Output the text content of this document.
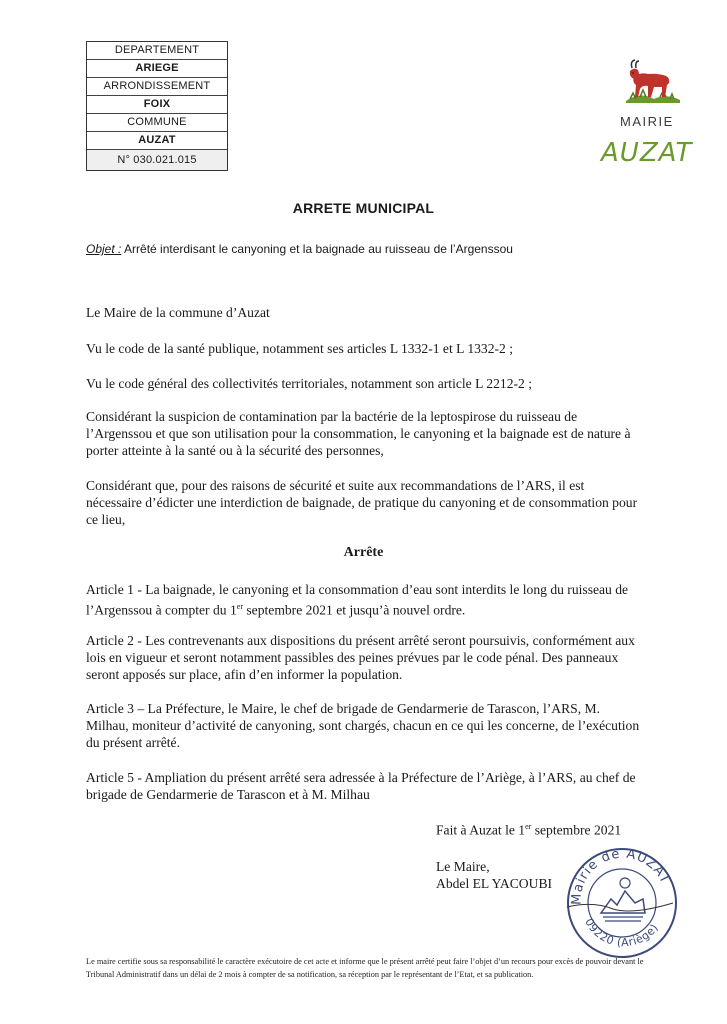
DEPARTEMENT
ARIEGE
ARRONDISSEMENT
FOIX
COMMUNE
AUZAT
N° 030.021.015
MAIRIE
AUZAT
ARRETE MUNICIPAL
Objet : Arrêté interdisant le canyoning et la baignade au ruisseau de l’Argenssou
Le Maire de la commune d’Auzat
Vu le code de la santé publique, notamment ses articles L 1332-1 et L 1332-2 ;
Vu le code général des collectivités territoriales, notamment son article L 2212-2 ;
Considérant la suspicion de contamination par la bactérie de la leptospirose du ruisseau de l’Argenssou et que son utilisation pour la consommation, le canyoning et la baignade est de nature à porter atteinte à la santé ou à la sécurité des personnes,
Considérant que, pour des raisons de sécurité et suite aux recommandations de l’ARS, il est nécessaire d’édicter une interdiction de baignade, de pratique du canyoning et de consommation pour ce lieu,
Arrête
Article 1 - La baignade, le canyoning et la consommation d’eau sont interdits le long du ruisseau de l’Argenssou à compter du 1er septembre 2021 et jusqu’à nouvel ordre.
Article 2 - Les contrevenants aux dispositions du présent arrêté seront poursuivis, conformément aux lois en vigueur et seront notamment passibles des peines prévues par le code pénal. Des panneaux seront apposés sur place, afin d’en informer la population.
Article 3 – La Préfecture, le Maire, le chef de brigade de Gendarmerie de Tarascon, l’ARS, M. Milhau, moniteur d’activité de canyoning, sont chargés, chacun en ce qui les concerne, de l’exécution du présent arrêté.
Article 5 - Ampliation du présent arrêté sera adressée à la Préfecture de l’Ariège, à l’ARS, au chef de brigade de Gendarmerie de Tarascon et à M. Milhau
Fait à Auzat le 1er septembre 2021
Le Maire,
Abdel EL YACOUBI
Mairie de AUZAT
09220 (Ariège)
Le maire certifie sous sa responsabilité le caractère exécutoire de cet acte et informe que le présent arrêté peut faire l’objet d’un recours pour excès de pouvoir devant le Tribunal Administratif dans un délai de 2 mois à compter de sa notification, sa réception par le représentant de l’Etat, et sa publication.
